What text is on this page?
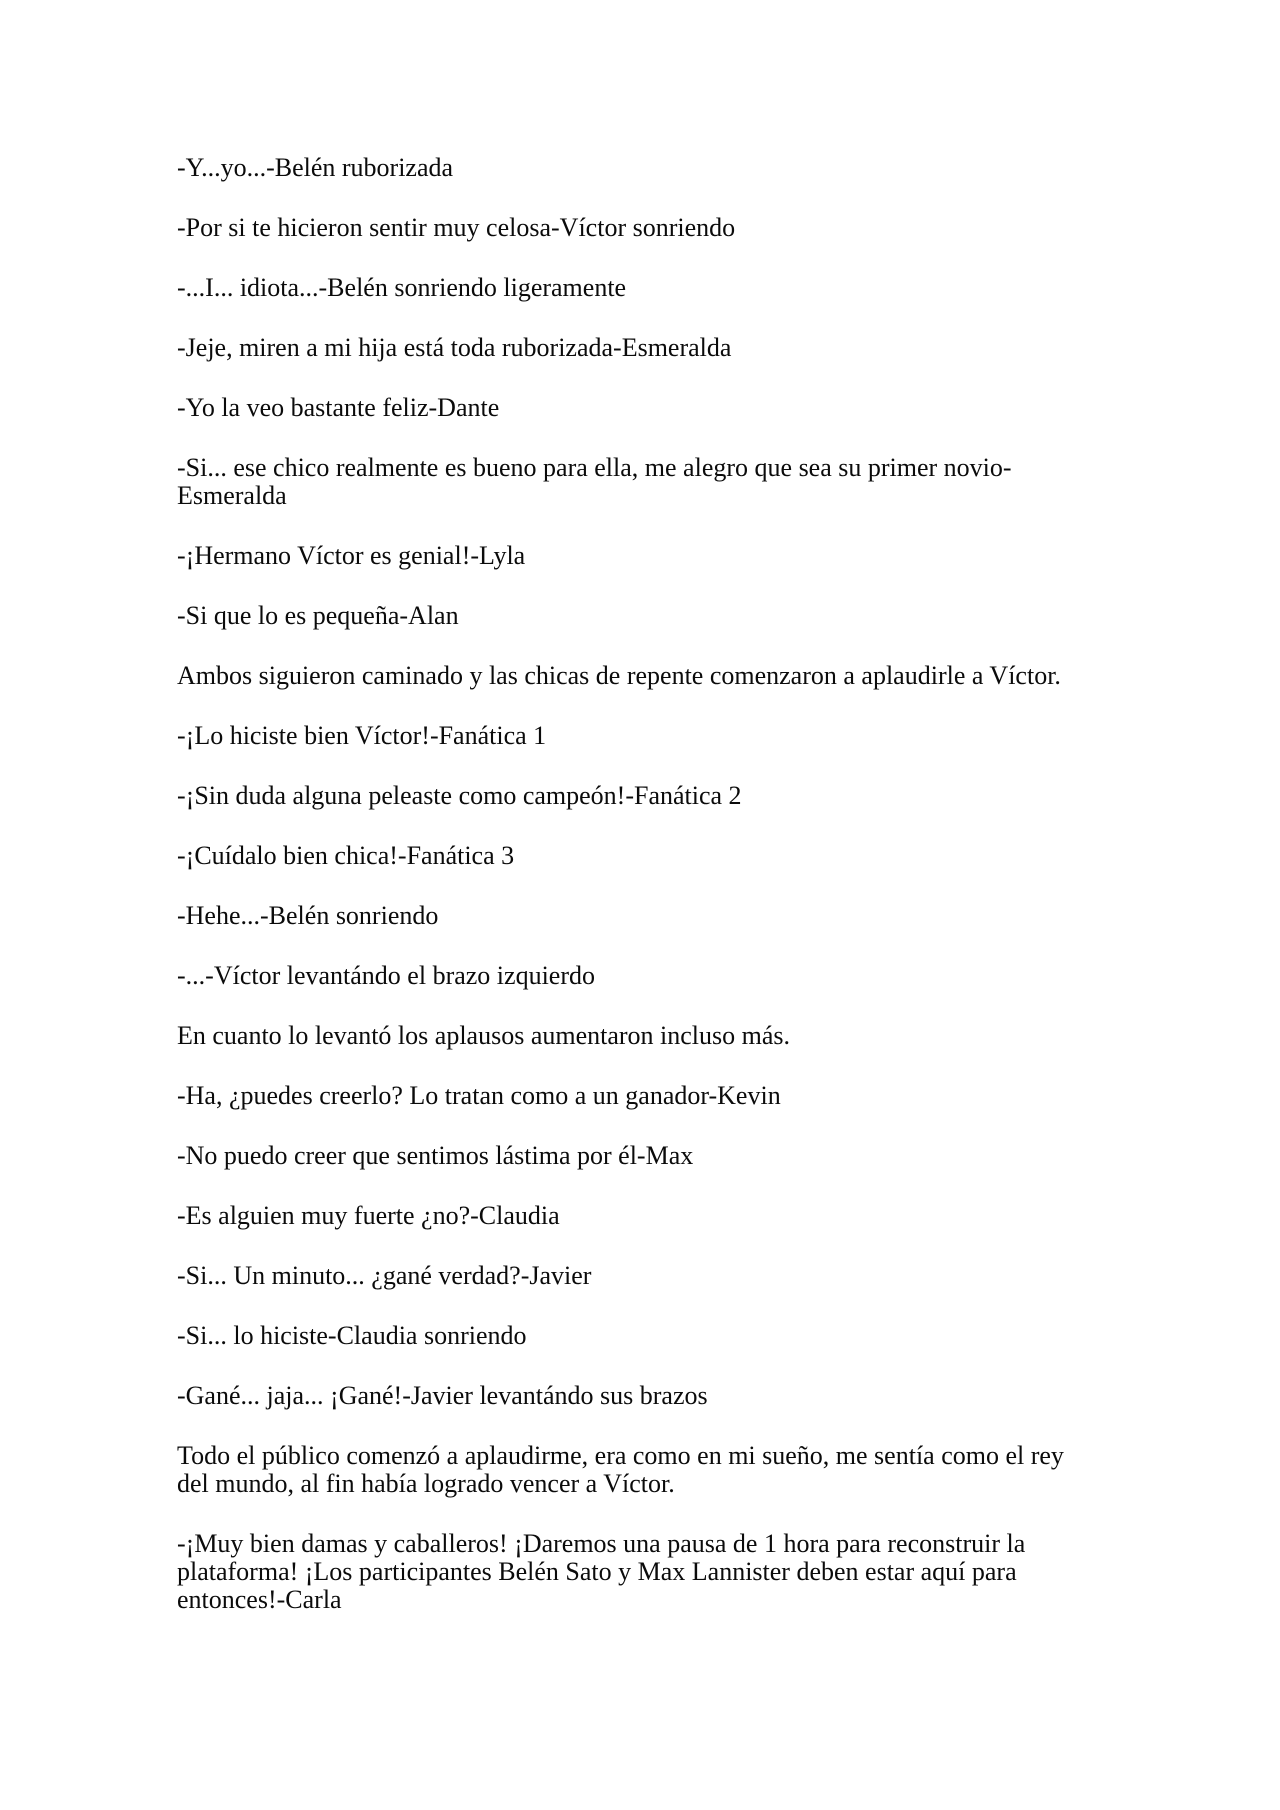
-Y...yo...-Belén ruborizada

-Por si te hicieron sentir muy celosa-Víctor sonriendo

-...I... idiota...-Belén sonriendo ligeramente

-Jeje, miren a mi hija está toda ruborizada-Esmeralda

-Yo la veo bastante feliz-Dante

-Si... ese chico realmente es bueno para ella, me alegro que sea su primer novio-
Esmeralda

-¡Hermano Víctor es genial!-Lyla

-Si que lo es pequeña-Alan

Ambos siguieron caminado y las chicas de repente comenzaron a aplaudirle a Víctor.

-¡Lo hiciste bien Víctor!-Fanática 1

-¡Sin duda alguna peleaste como campeón!-Fanática 2

-¡Cuídalo bien chica!-Fanática 3

-Hehe...-Belén sonriendo

-...-Víctor levantándo el brazo izquierdo

En cuanto lo levantó los aplausos aumentaron incluso más.

-Ha, ¿puedes creerlo? Lo tratan como a un ganador-Kevin

-No puedo creer que sentimos lástima por él-Max

-Es alguien muy fuerte ¿no?-Claudia

-Si... Un minuto... ¿gané verdad?-Javier

-Si... lo hiciste-Claudia sonriendo

-Gané... jaja... ¡Gané!-Javier levantándo sus brazos

Todo el público comenzó a aplaudirme, era como en mi sueño, me sentía como el rey
del mundo, al fin había logrado vencer a Víctor.

-¡Muy bien damas y caballeros! ¡Daremos una pausa de 1 hora para reconstruir la
plataforma! ¡Los participantes Belén Sato y Max Lannister deben estar aquí para
entonces!-Carla
